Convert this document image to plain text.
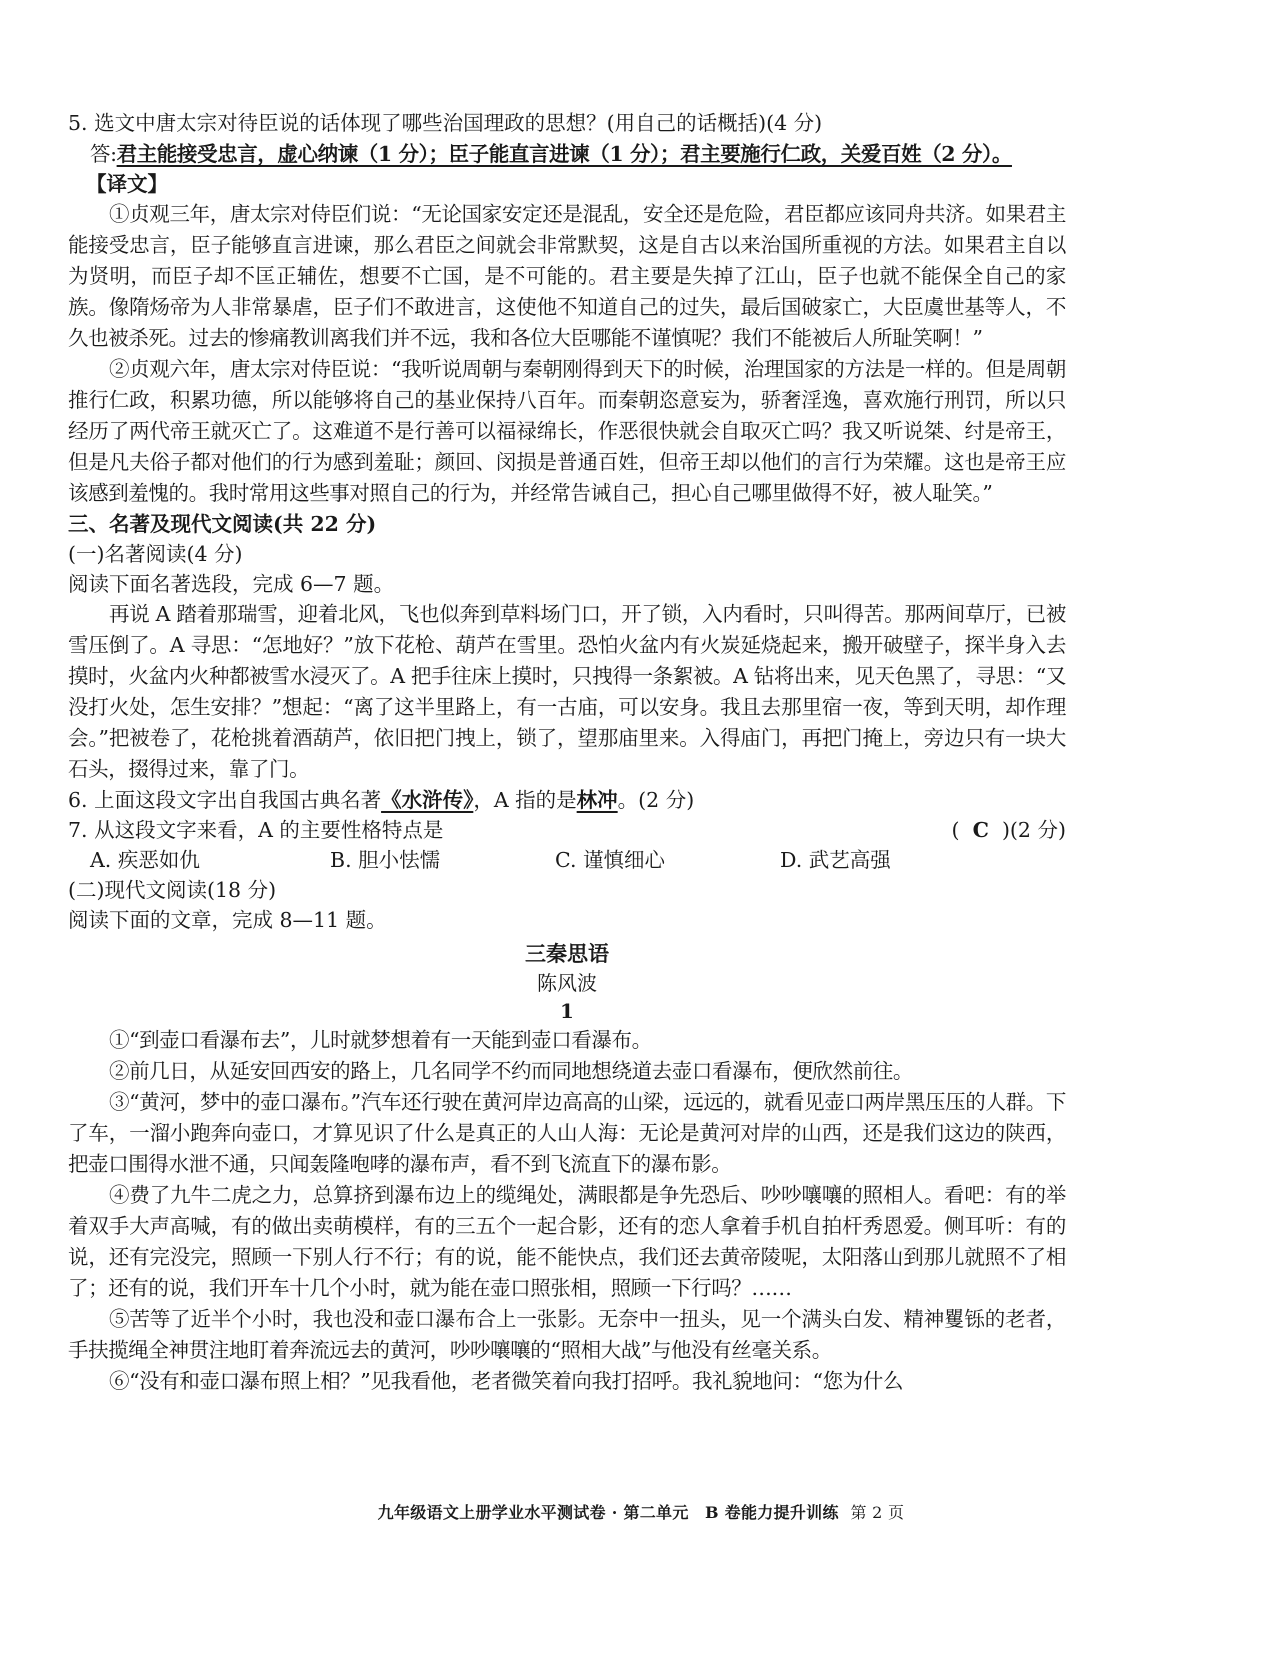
5. 选文中唐太宗对待臣说的话体现了哪些治国理政的思想？(用自己的话概括)(4 分)
答:君主能接受忠言，虚心纳谏（1 分）；臣子能直言进谏（1 分）；君主要施行仁政，关爱百姓（2 分）。
【译文】

①贞观三年，唐太宗对侍臣们说：“无论国家安定还是混乱，安全还是危险，君臣都应该同舟共济。如果君主能接受忠言，臣子能够直言进谏，那么君臣之间就会非常默契，这是自古以来治国所重视的方法。如果君主自以为贤明，而臣子却不匡正辅佐，想要不亡国，是不可能的。君主要是失掉了江山，臣子也就不能保全自己的家族。像隋炀帝为人非常暴虐，臣子们不敢进言，这使他不知道自己的过失，最后国破家亡，大臣虞世基等人，不久也被杀死。过去的惨痛教训离我们并不远，我和各位大臣哪能不谨慎呢？我们不能被后人所耻笑啊！”

②贞观六年，唐太宗对侍臣说：“我听说周朝与秦朝刚得到天下的时候，治理国家的方法是一样的。但是周朝推行仁政，积累功德，所以能够将自己的基业保持八百年。而秦朝恣意妄为，骄奢淫逸，喜欢施行刑罚，所以只经历了两代帝王就灭亡了。这难道不是行善可以福禄绵长，作恶很快就会自取灭亡吗？我又听说桀、纣是帝王，但是凡夫俗子都对他们的行为感到羞耻；颜回、闵损是普通百姓，但帝王却以他们的言行为荣耀。这也是帝王应该感到羞愧的。我时常用这些事对照自己的行为，并经常告诫自己，担心自己哪里做得不好，被人耻笑。”

三、名著及现代文阅读(共 22 分)
(一)名著阅读(4 分)
阅读下面名著选段，完成 6—7 题。

再说 A 踏着那瑞雪，迎着北风，飞也似奔到草料场门口，开了锁，入内看时，只叫得苦。那两间草厅，已被雪压倒了。A 寻思：“怎地好？”放下花枪、葫芦在雪里。恐怕火盆内有火炭延烧起来，搬开破壁子，探半身入去摸时，火盆内火种都被雪水浸灭了。A 把手往床上摸时，只拽得一条絮被。A 钻将出来，见天色黑了，寻思：“又没打火处，怎生安排？”想起：“离了这半里路上，有一古庙，可以安身。我且去那里宿一夜，等到天明，却作理会。”把被卷了，花枪挑着酒葫芦，依旧把门拽上，锁了，望那庙里来。入得庙门，再把门掩上，旁边只有一块大石头，掇得过来，靠了门。

6. 上面这段文字出自我国古典名著《水浒传》，A 指的是林冲。(2 分)
7. 从这段文字来看，A 的主要性格特点是	( C )(2 分)
A. 疾恶如仇	B. 胆小怯懦	C. 谨慎细心	D. 武艺高强
(二)现代文阅读(18 分)
阅读下面的文章，完成 8—11 题。
三秦思语
陈风波
1

①“到壶口看瀑布去”，儿时就梦想着有一天能到壶口看瀑布。

②前几日，从延安回西安的路上，几名同学不约而同地想绕道去壶口看瀑布，便欣然前往。

③“黄河，梦中的壶口瀑布。”汽车还行驶在黄河岸边高高的山梁，远远的，就看见壶口两岸黑压压的人群。下了车，一溜小跑奔向壶口，才算见识了什么是真正的人山人海：无论是黄河对岸的山西，还是我们这边的陕西，把壶口围得水泄不通，只闻轰隆咆哮的瀑布声，看不到飞流直下的瀑布影。

④费了九牛二虎之力，总算挤到瀑布边上的缆绳处，满眼都是争先恐后、吵吵嚷嚷的照相人。看吧：有的举着双手大声高喊，有的做出卖萌模样，有的三五个一起合影，还有的恋人拿着手机自拍杆秀恩爱。侧耳听：有的说，还有完没完，照顾一下别人行不行；有的说，能不能快点，我们还去黄帝陵呢，太阳落山到那儿就照不了相了；还有的说，我们开车十几个小时，就为能在壶口照张相，照顾一下行吗？……

⑤苦等了近半个小时，我也没和壶口瀑布合上一张影。无奈中一扭头，见一个满头白发、精神矍铄的老者，手扶揽绳全神贯注地盯着奔流远去的黄河，吵吵嚷嚷的“照相大战”与他没有丝毫关系。

⑥“没有和壶口瀑布照上相？”见我看他，老者微笑着向我打招呼。我礼貌地问：“您为什么

九年级语文上册学业水平测试卷 · 第二单元　B 卷能力提升训练 第 2 页
